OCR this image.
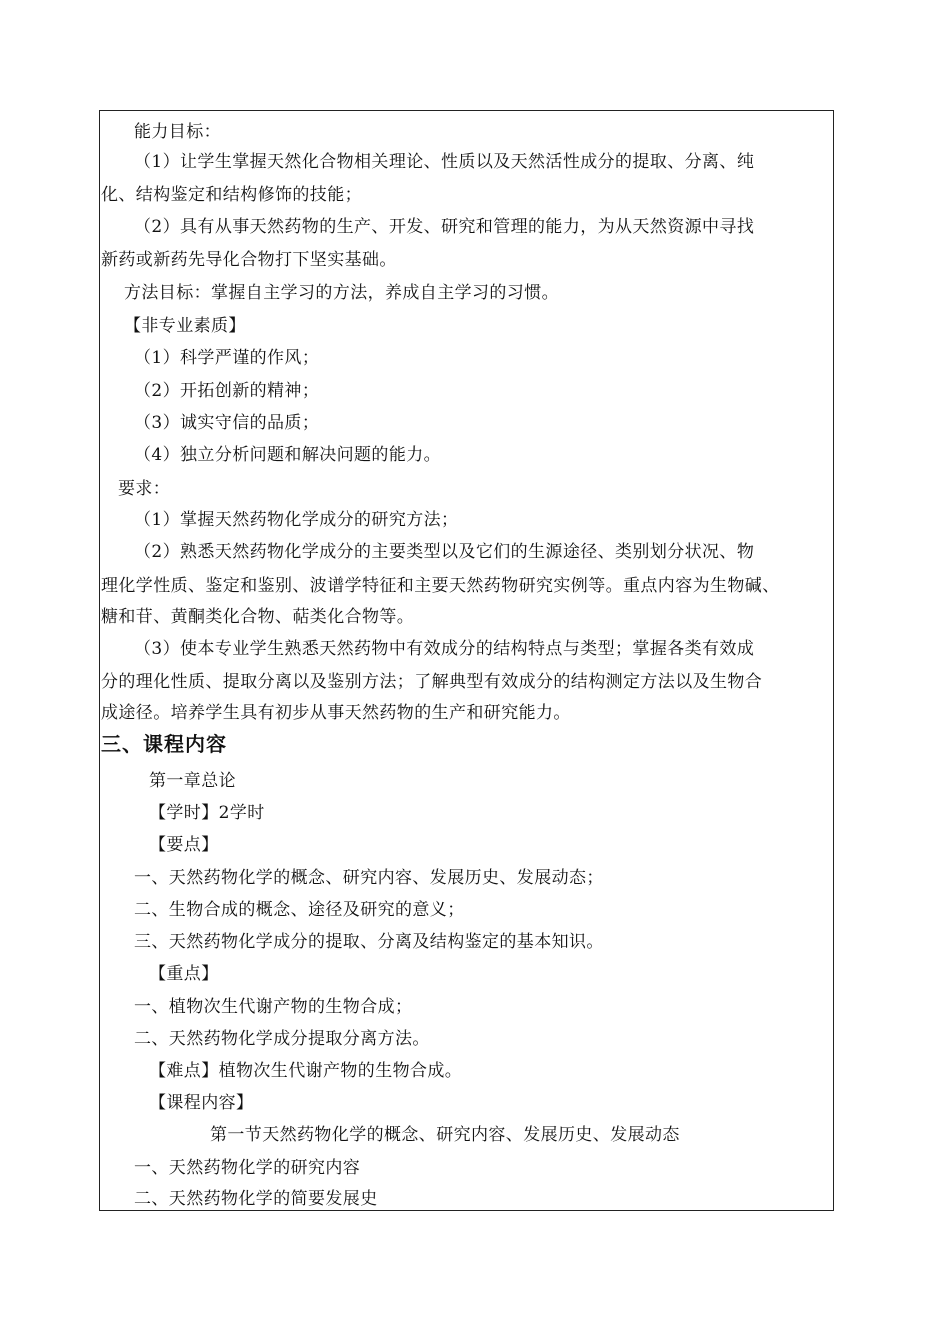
能力目标：
（1）让学生掌握天然化合物相关理论、性质以及天然活性成分的提取、分离、纯
化、结构鉴定和结构修饰的技能；
（2）具有从事天然药物的生产、开发、研究和管理的能力，为从天然资源中寻找
新药或新药先导化合物打下坚实基础。
方法目标：掌握自主学习的方法，养成自主学习的习惯。
【非专业素质】
（1）科学严谨的作风；
（2）开拓创新的精神；
（3）诚实守信的品质；
（4）独立分析问题和解决问题的能力。
要求：
（1）掌握天然药物化学成分的研究方法；
（2）熟悉天然药物化学成分的主要类型以及它们的生源途径、类别划分状况、物
理化学性质、鉴定和鉴别、波谱学特征和主要天然药物研究实例等。重点内容为生物碱、
糖和苷、黄酮类化合物、萜类化合物等。
（3）使本专业学生熟悉天然药物中有效成分的结构特点与类型；掌握各类有效成
分的理化性质、提取分离以及鉴别方法；了解典型有效成分的结构测定方法以及生物合
成途径。培养学生具有初步从事天然药物的生产和研究能力。
三、课程内容
第一章总论
【学时】2学时
【要点】
一、天然药物化学的概念、研究内容、发展历史、发展动态；
二、生物合成的概念、途径及研究的意义；
三、天然药物化学成分的提取、分离及结构鉴定的基本知识。
【重点】
一、植物次生代谢产物的生物合成；
二、天然药物化学成分提取分离方法。
【难点】植物次生代谢产物的生物合成。
【课程内容】
第一节天然药物化学的概念、研究内容、发展历史、发展动态
一、天然药物化学的研究内容
二、天然药物化学的简要发展史
